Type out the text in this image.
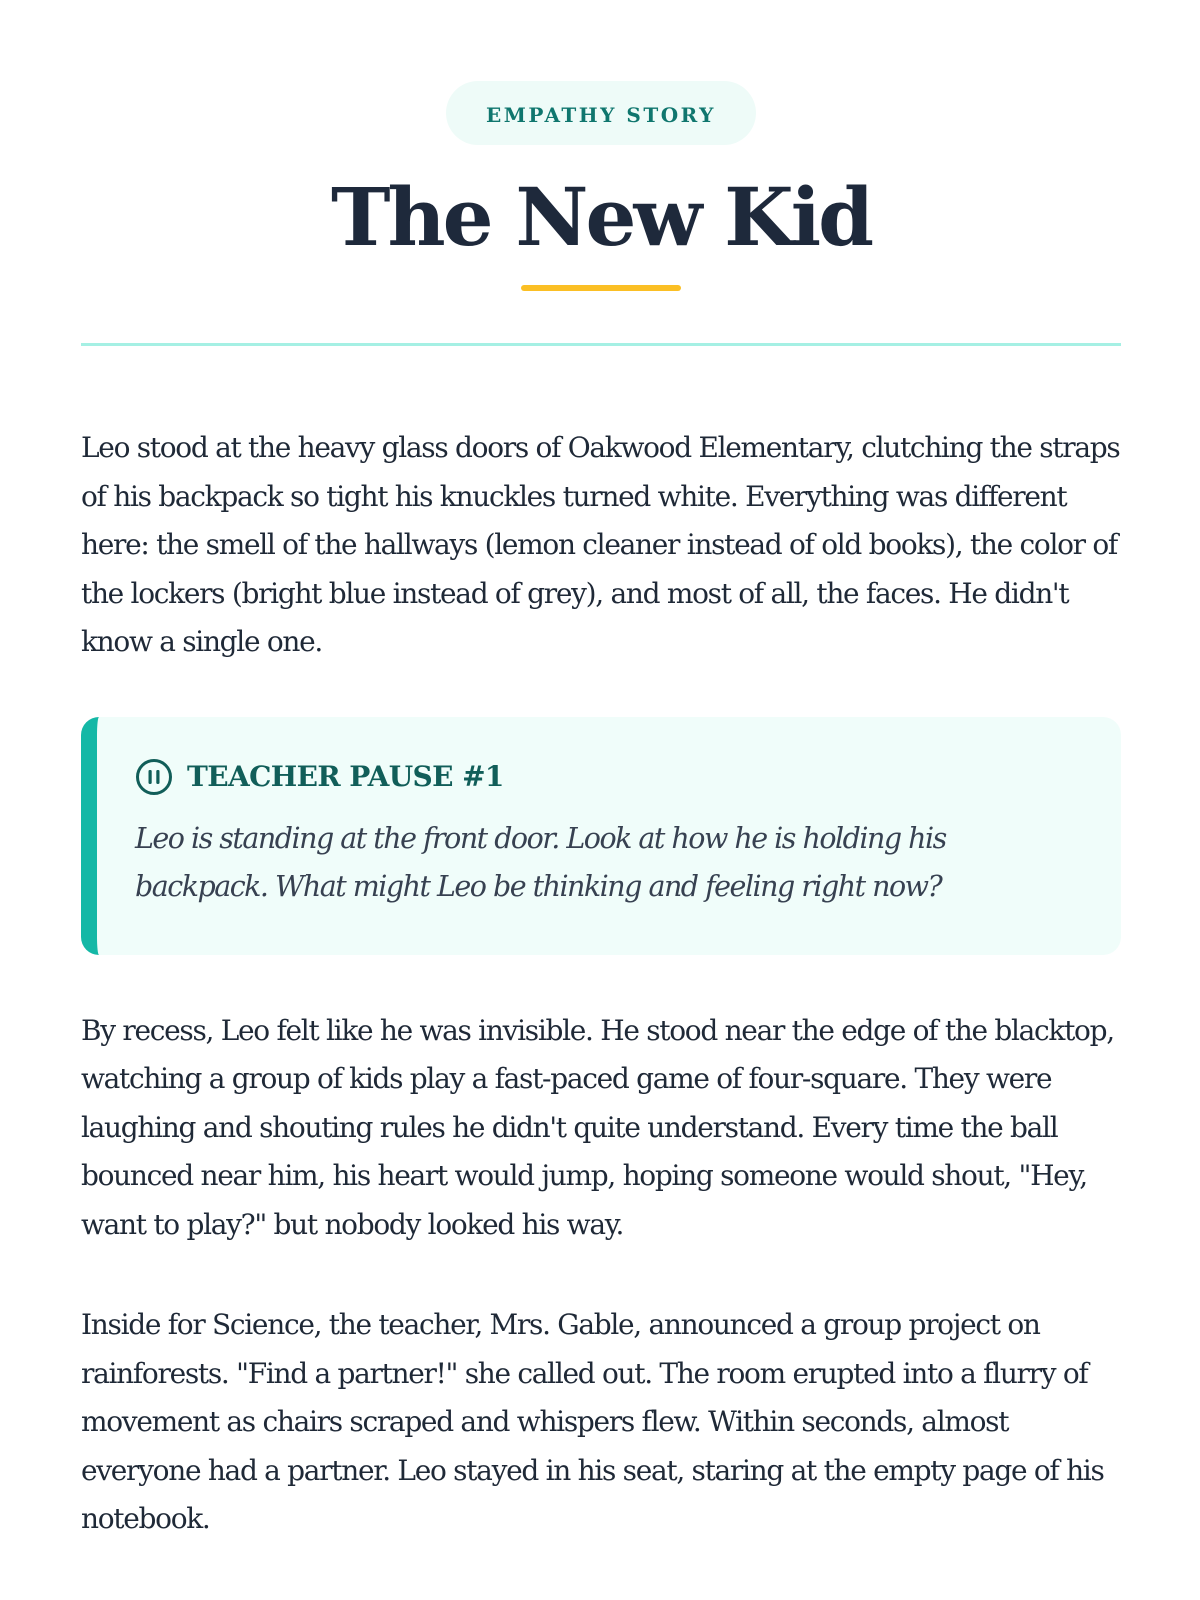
EMPATHY STORY
The New Kid

Leo stood at the heavy glass doors of Oakwood Elementary, clutching the straps of his backpack so tight his knuckles turned white. Everything was different here: the smell of the hallways (lemon cleaner instead of old books), the color of the lockers (bright blue instead of grey), and most of all, the faces. He didn't know a single one.

TEACHER PAUSE #1

Leo is standing at the front door. Look at how he is holding his backpack. What might Leo be thinking and feeling right now?

By recess, Leo felt like he was invisible. He stood near the edge of the blacktop, watching a group of kids play a fast-paced game of four-square. They were laughing and shouting rules he didn't quite understand. Every time the ball bounced near him, his heart would jump, hoping someone would shout, "Hey, want to play?" but nobody looked his way.

Inside for Science, the teacher, Mrs. Gable, announced a group project on rainforests. "Find a partner!" she called out. The room erupted into a flurry of movement as chairs scraped and whispers flew. Within seconds, almost everyone had a partner. Leo stayed in his seat, staring at the empty page of his notebook.
